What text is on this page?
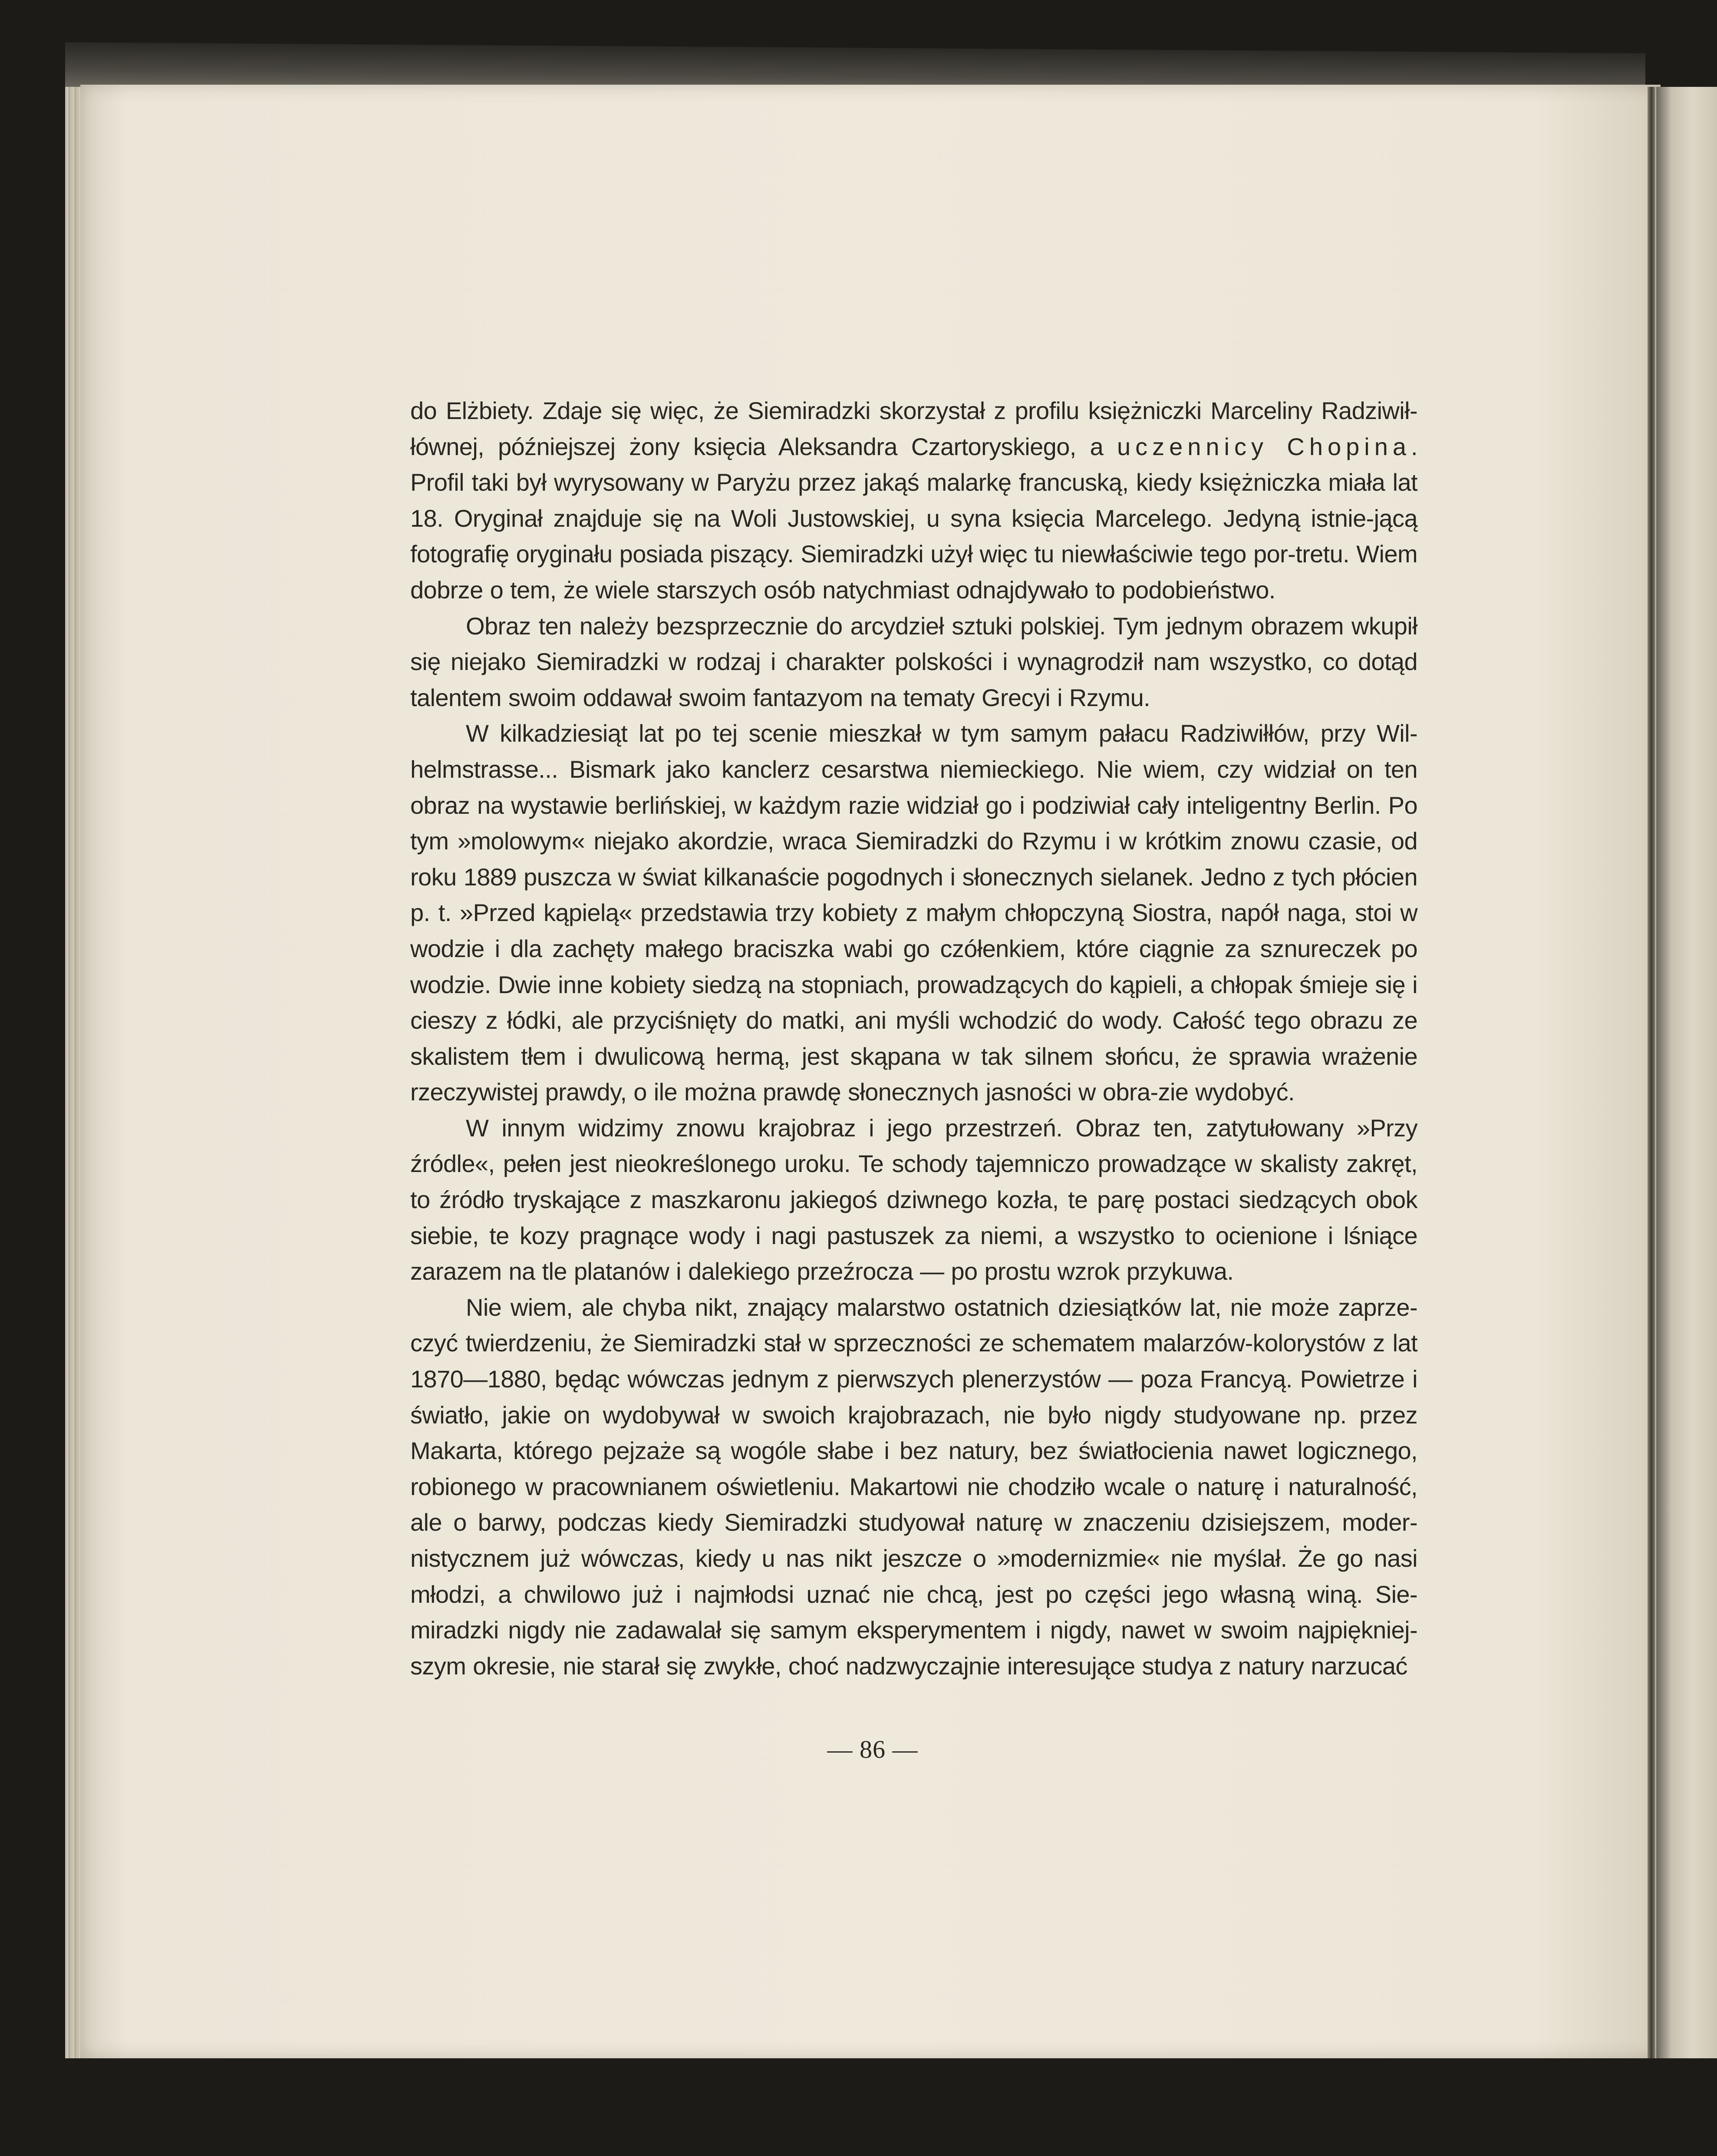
do Elżbiety. Zdaje się więc, że Siemiradzki skorzystał z profilu księżniczki Marceliny Radziwił-łównej, późniejszej żony księcia Aleksandra Czartoryskiego, a uczennicy Chopina. Profil taki był wyrysowany w Paryżu przez jakąś malarkę francuską, kiedy księżniczka miała lat 18. Oryginał znajduje się na Woli Justowskiej, u syna księcia Marcelego. Jedyną istnie-jącą fotografię oryginału posiada piszący. Siemiradzki użył więc tu niewłaściwie tego por-tretu. Wiem dobrze o tem, że wiele starszych osób natychmiast odnajdywało to podobieństwo.

Obraz ten należy bezsprzecznie do arcydzieł sztuki polskiej. Tym jednym obrazem wkupił się niejako Siemiradzki w rodzaj i charakter polskości i wynagrodził nam wszystko, co dotąd talentem swoim oddawał swoim fantazyom na tematy Grecyi i Rzymu.

W kilkadziesiąt lat po tej scenie mieszkał w tym samym pałacu Radziwiłłów, przy Wil-helmstrasse... Bismark jako kanclerz cesarstwa niemieckiego. Nie wiem, czy widział on ten obraz na wystawie berlińskiej, w każdym razie widział go i podziwiał cały inteligentny Berlin. Po tym »molowym« niejako akordzie, wraca Siemiradzki do Rzymu i w krótkim znowu czasie, od roku 1889 puszcza w świat kilkanaście pogodnych i słonecznych sielanek. Jedno z tych płócien p. t. »Przed kąpielą« przedstawia trzy kobiety z małym chłopczyną Siostra, napół naga, stoi w wodzie i dla zachęty małego braciszka wabi go czółenkiem, które ciągnie za sznureczek po wodzie. Dwie inne kobiety siedzą na stopniach, prowadzących do kąpieli, a chłopak śmieje się i cieszy z łódki, ale przyciśnięty do matki, ani myśli wchodzić do wody. Całość tego obrazu ze skalistem tłem i dwulicową hermą, jest skąpana w tak silnem słońcu, że sprawia wrażenie rzeczywistej prawdy, o ile można prawdę słonecznych jasności w obra-zie wydobyć.

W innym widzimy znowu krajobraz i jego przestrzeń. Obraz ten, zatytułowany »Przy źródle«, pełen jest nieokreślonego uroku. Te schody tajemniczo prowadzące w skalisty zakręt, to źródło tryskające z maszkaronu jakiegoś dziwnego kozła, te parę postaci siedzących obok siebie, te kozy pragnące wody i nagi pastuszek za niemi, a wszystko to ocienione i lśniące zarazem na tle platanów i dalekiego przeźrocza — po prostu wzrok przykuwa.

Nie wiem, ale chyba nikt, znający malarstwo ostatnich dziesiątków lat, nie może zaprze-czyć twierdzeniu, że Siemiradzki stał w sprzeczności ze schematem malarzów-kolorystów z lat 1870—1880, będąc wówczas jednym z pierwszych plenerzystów — poza Francyą. Powietrze i światło, jakie on wydobywał w swoich krajobrazach, nie było nigdy studyowane np. przez Makarta, którego pejzaże są wogóle słabe i bez natury, bez światłocienia nawet logicznego, robionego w pracownianem oświetleniu. Makartowi nie chodziło wcale o naturę i naturalność, ale o barwy, podczas kiedy Siemiradzki studyował naturę w znaczeniu dzisiejszem, moder-nistycznem już wówczas, kiedy u nas nikt jeszcze o »modernizmie« nie myślał. Że go nasi młodzi, a chwilowo już i najmłodsi uznać nie chcą, jest po części jego własną winą. Sie-miradzki nigdy nie zadawalał się samym eksperymentem i nigdy, nawet w swoim najpiękniej-szym okresie, nie starał się zwykłe, choć nadzwyczajnie interesujące studya z natury narzucać

— 86 —
